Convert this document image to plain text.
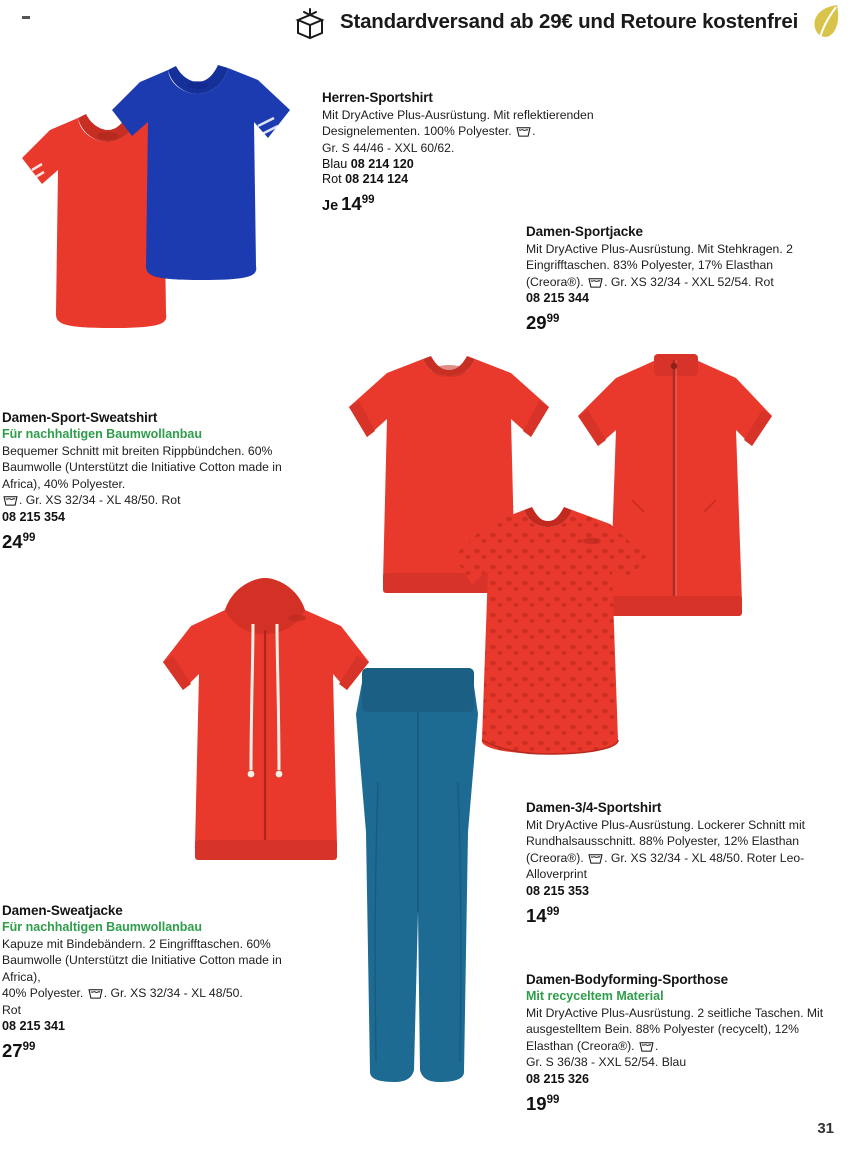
Standardversand ab 29€ und Retoure kostenfrei
Herren-Sportshirt
Mit DryActive Plus-Ausrüstung. Mit reflektierenden Designelementen. 100% Polyester.
.
Gr. S 44/46 - XXL 60/62.
Blau 08 214 120
Rot 08 214 124
Je $14^{99}$
Damen-Sportjacke
Mit DryActive Plus-Ausrüstung. Mit Stehkragen. 2 Eingrifftaschen. 83% Polyester, 17% Elasthan (Creora®).
. Gr. XS 32/34 - XXL 52/54. Rot
08 215 344
$29^{99}$
Damen-Sport-Sweatshirt
Für nachhaltigen Baumwollanbau
Bequemer Schnitt mit breiten Rippbündchen. 60% Baumwolle (Unterstützt die Initiative Cotton made in Africa), 40% Polyester.
. Gr. XS 32/34 - XL 48/50. Rot
08 215 354
$24^{99}$
Damen-Sweatjacke
Für nachhaltigen Baumwollanbau
Kapuze mit Bindebändern. 2 Eingrifftaschen. 60% Baumwolle (Unterstützt die Initiative Cotton made in Africa),
40% Polyester.
. Gr. XS 32/34 - XL 48/50.
Rot
08 215 341
$27^{99}$
Damen-3/4-Sportshirt
Mit DryActive Plus-Ausrüstung. Lockerer Schnitt mit Rundhalsausschnitt. 88% Polyester, 12% Elasthan (Creora®).
. Gr. XS 32/34 - XL 48/50. Roter Leo-Alloverprint
08 215 353
$14^{99}$
Damen-Bodyforming-Sporthose
Mit recyceltem Material
Mit DryActive Plus-Ausrüstung. 2 seitliche Taschen. Mit ausgestelltem Bein. 88% Polyester (recycelt), 12% Elasthan (Creora®).
.
Gr. S 36/38 - XXL 52/54. Blau
08 215 326
$19^{99}$
31
